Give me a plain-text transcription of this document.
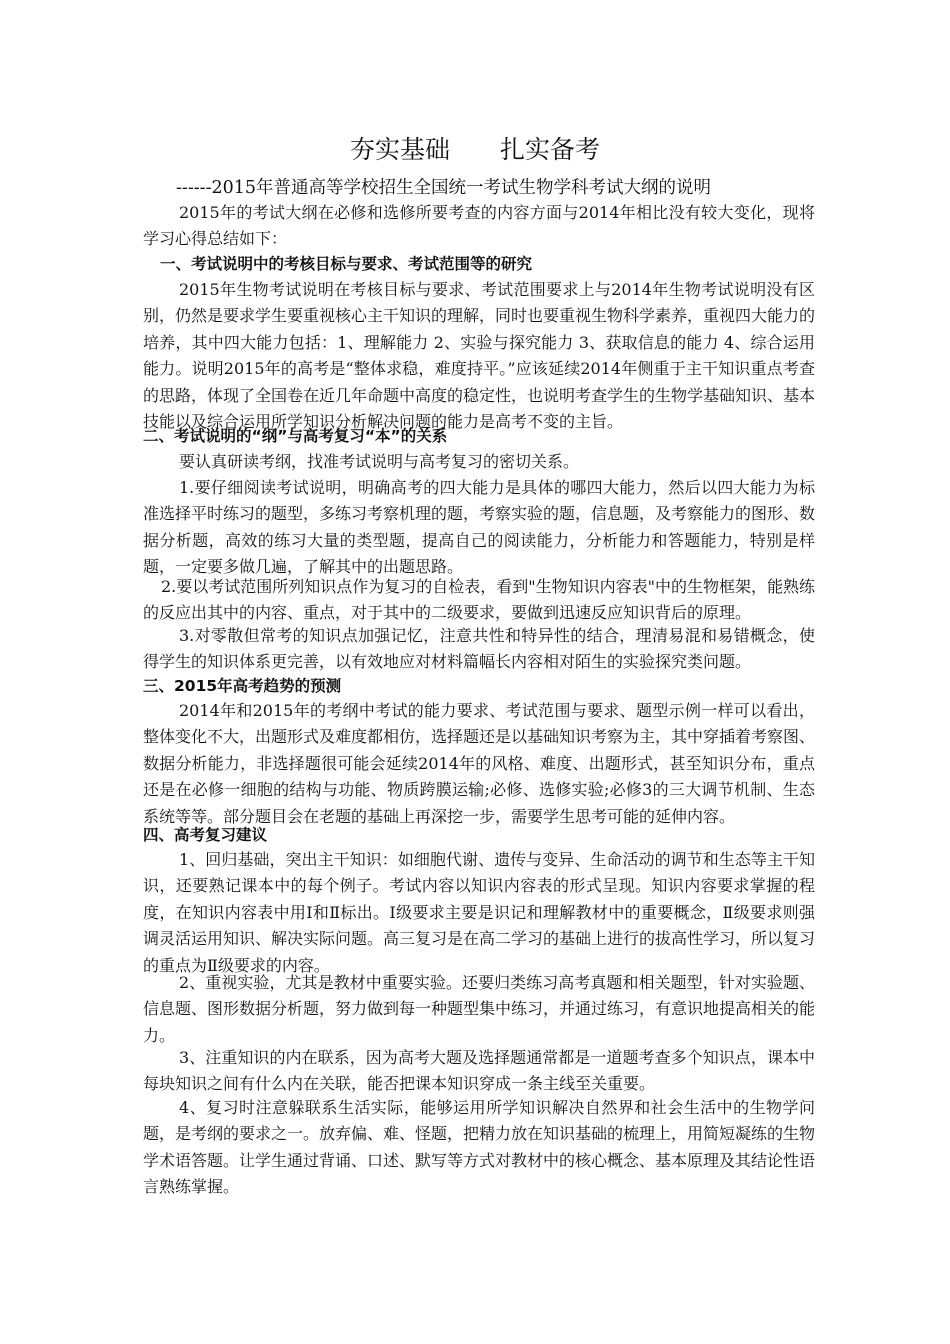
夯实基础　　扎实备考
------2015年普通高等学校招生全国统一考试生物学科考试大纲的说明

2015年的考试大纲在必修和选修所要考查的内容方面与2014年相比没有较大变化，现将学习心得总结如下：

一、考试说明中的考核目标与要求、考试范围等的研究

2015年生物考试说明在考核目标与要求、考试范围要求上与2014年生物考试说明没有区别，仍然是要求学生要重视核心主干知识的理解，同时也要重视生物科学素养，重视四大能力的培养，其中四大能力包括：1、理解能力 2、实验与探究能力 3、获取信息的能力 4、综合运用能力。说明2015年的高考是“整体求稳，难度持平。”应该延续2014年侧重于主干知识重点考查的思路，体现了全国卷在近几年命题中高度的稳定性，也说明考查学生的生物学基础知识、基本技能以及综合运用所学知识分析解决问题的能力是高考不变的主旨。

二、考试说明的“纲”与高考复习“本”的关系

要认真研读考纲，找准考试说明与高考复习的密切关系。

1.要仔细阅读考试说明，明确高考的四大能力是具体的哪四大能力，然后以四大能力为标准选择平时练习的题型，多练习考察机理的题，考察实验的题，信息题，及考察能力的图形、数据分析题，高效的练习大量的类型题，提高自己的阅读能力，分析能力和答题能力，特别是样题，一定要多做几遍，了解其中的出题思路。

2.要以考试范围所列知识点作为复习的自检表，看到"生物知识内容表"中的生物框架，能熟练的反应出其中的内容、重点，对于其中的二级要求，要做到迅速反应知识背后的原理。

3.对零散但常考的知识点加强记忆，注意共性和特异性的结合，理清易混和易错概念，使得学生的知识体系更完善，以有效地应对材料篇幅长内容相对陌生的实验探究类问题。

三、2015年高考趋势的预测

2014年和2015年的考纲中考试的能力要求、考试范围与要求、题型示例一样可以看出，整体变化不大，出题形式及难度都相仿，选择题还是以基础知识考察为主，其中穿插着考察图、数据分析能力，非选择题很可能会延续2014年的风格、难度、出题形式，甚至知识分布，重点还是在必修一细胞的结构与功能、物质跨膜运输;必修、选修实验;必修3的三大调节机制、生态系统等等。部分题目会在老题的基础上再深挖一步，需要学生思考可能的延伸内容。

四、高考复习建议

1、回归基础，突出主干知识：如细胞代谢、遗传与变异、生命活动的调节和生态等主干知识，还要熟记课本中的每个例子。考试内容以知识内容表的形式呈现。知识内容要求掌握的程度，在知识内容表中用Ⅰ和Ⅱ标出。Ⅰ级要求主要是识记和理解教材中的重要概念，Ⅱ级要求则强调灵活运用知识、解决实际问题。高三复习是在高二学习的基础上进行的拔高性学习，所以复习的重点为Ⅱ级要求的内容。

2、重视实验，尤其是教材中重要实验。还要归类练习高考真题和相关题型，针对实验题、信息题、图形数据分析题，努力做到每一种题型集中练习，并通过练习，有意识地提高相关的能力。

3、注重知识的内在联系，因为高考大题及选择题通常都是一道题考查多个知识点，课本中每块知识之间有什么内在关联，能否把课本知识穿成一条主线至关重要。

4、复习时注意躲联系生活实际，能够运用所学知识解决自然界和社会生活中的生物学问题，是考纲的要求之一。放弃偏、难、怪题，把精力放在知识基础的梳理上，用简短凝练的生物学术语答题。让学生通过背诵、口述、默写等方式对教材中的核心概念、基本原理及其结论性语言熟练掌握。
